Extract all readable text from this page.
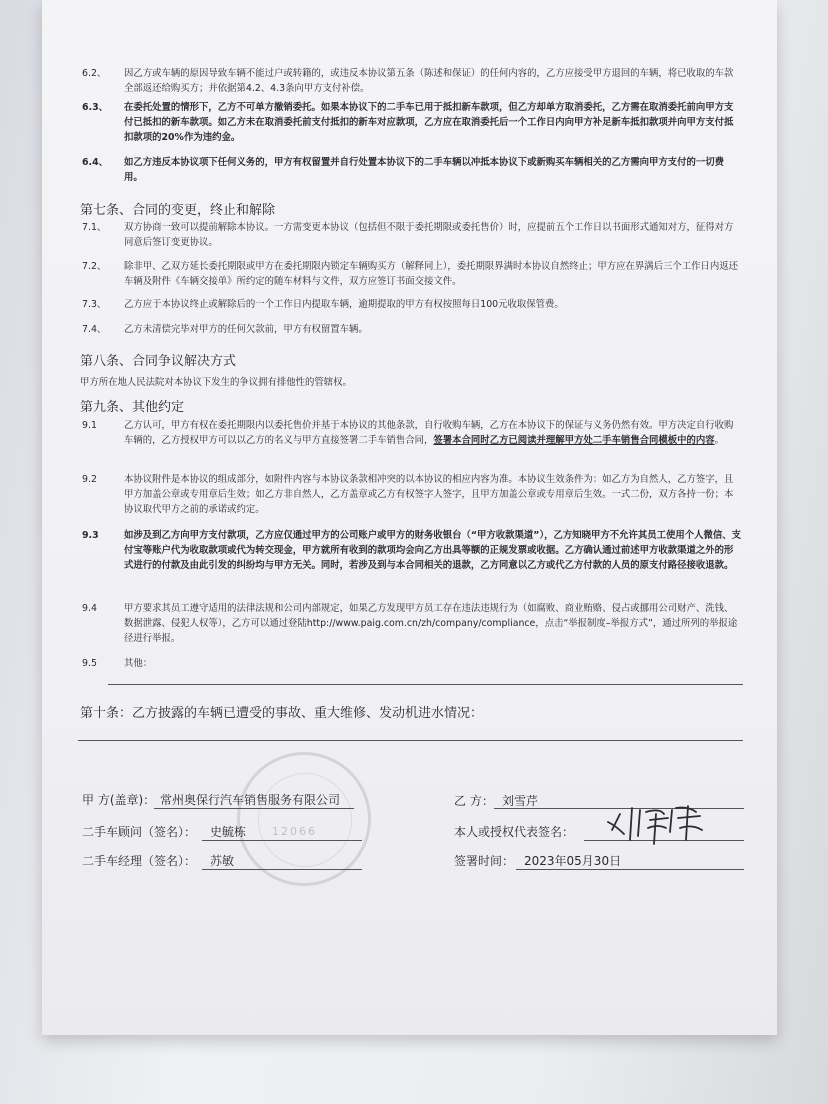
6.2、	因乙方或车辆的原因导致车辆不能过户或转籍的，或违反本协议第五条（陈述和保证）的任何内容的，乙方应接受甲方退回的车辆，将已收取的车款全部返还给购买方；并依据第4.2、4.3条向甲方支付补偿。
6.3、	在委托处置的情形下，乙方不可单方撤销委托。如果本协议下的二手车已用于抵扣新车款项，但乙方却单方取消委托，乙方需在取消委托前向甲方支付已抵扣的新车款项。如乙方未在取消委托前支付抵扣的新车对应款项，乙方应在取消委托后一个工作日内向甲方补足新车抵扣款项并向甲方支付抵扣款项的20%作为违约金。
6.4、	如乙方违反本协议项下任何义务的，甲方有权留置并自行处置本协议下的二手车辆以冲抵本协议下或新购买车辆相关的乙方需向甲方支付的一切费用。
第七条、合同的变更，终止和解除
7.1、	双方协商一致可以提前解除本协议。一方需变更本协议（包括但不限于委托期限或委托售价）时，应提前五个工作日以书面形式通知对方，征得对方同意后签订变更协议。
7.2、	除非甲、乙双方延长委托期限或甲方在委托期限内锁定车辆购买方（解释同上），委托期限界满时本协议自然终止；甲方应在界满后三个工作日内返还车辆及附件《车辆交接单》所约定的随车材料与文件，双方应签订书面交接文件。
7.3、	乙方应于本协议终止或解除后的一个工作日内提取车辆，逾期提取的甲方有权按照每日100元收取保管费。
7.4、	乙方未清偿完毕对甲方的任何欠款前，甲方有权留置车辆。
第八条、合同争议解决方式
甲方所在地人民法院对本协议下发生的争议拥有排他性的管辖权。
第九条、其他约定
9.1	乙方认可，甲方有权在委托期限内以委托售价并基于本协议的其他条款，自行收购车辆，乙方在本协议下的保证与义务仍然有效。甲方决定自行收购车辆的，乙方授权甲方可以以乙方的名义与甲方直接签署二手车销售合同，签署本合同时乙方已阅读并理解甲方处二手车销售合同模板中的内容。
9.2	本协议附件是本协议的组成部分，如附件内容与本协议条款相冲突的以本协议的相应内容为准。本协议生效条件为：如乙方为自然人，乙方签字，且甲方加盖公章或专用章后生效；如乙方非自然人，乙方盖章或乙方有权签字人签字，且甲方加盖公章或专用章后生效。一式二份，双方各持一份；本协议取代甲方之前的承诺或约定。
9.3	如涉及到乙方向甲方支付款项，乙方应仅通过甲方的公司账户或甲方的财务收银台（“甲方收款渠道”），乙方知晓甲方不允许其员工使用个人微信、支付宝等账户代为收取款项或代为转交现金，甲方就所有收到的款项均会向乙方出具等额的正规发票或收据。乙方确认通过前述甲方收款渠道之外的形式进行的付款及由此引发的纠纷均与甲方无关。同时，若涉及到与本合同相关的退款，乙方同意以乙方或代乙方付款的人员的原支付路径接收退款。
9.4	甲方要求其员工遵守适用的法律法规和公司内部规定，如果乙方发现甲方员工存在违法违规行为（如腐败、商业贿赂、侵占或挪用公司财产、洗钱、数据泄露、侵犯人权等），乙方可以通过登陆http://www.paig.com.cn/zh/company/compliance，点击“举报制度–举报方式”，通过所列的举报途径进行举报。
9.5	其他：
第十条：乙方披露的车辆已遭受的事故、重大维修、发动机进水情况：
12066
甲 方(盖章)： 常州奥保行汽车销售服务有限公司
二手车顾问（签名）： 史毓栋
二手车经理（签名）： 苏敏
乙 方： 刘雪芹
本人或授权代表签名：
签署时间： 2023年05月30日
